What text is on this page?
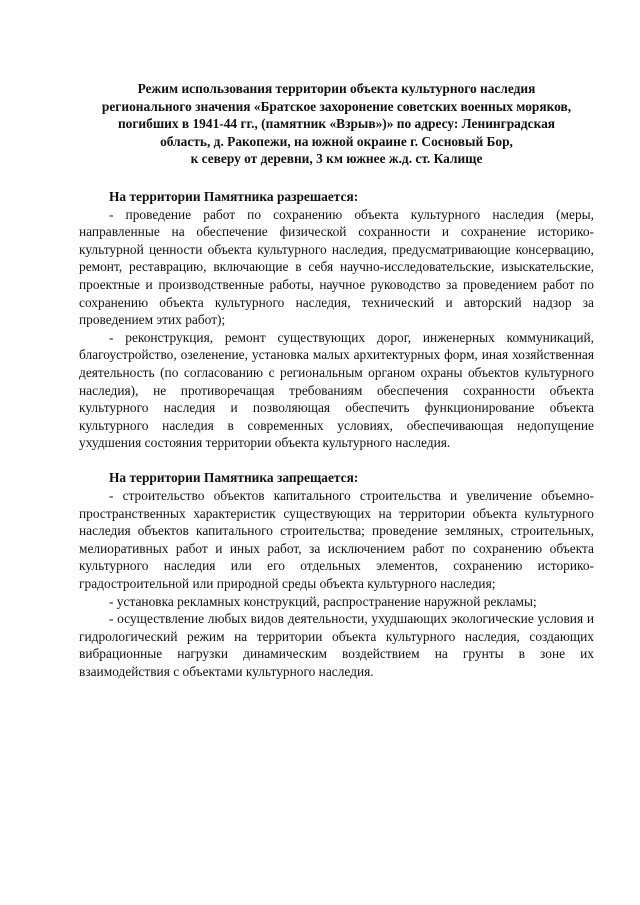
Режим использования территории объекта культурного наследия
регионального значения «Братское захоронение советских военных моряков,
погибших в 1941-44 гг., (памятник «Взрыв»)» по адресу: Ленинградская
область, д. Ракопежи, на южной окраине г. Сосновый Бор,
к северу от деревни, 3 км южнее ж.д. ст. Калище

На территории Памятника разрешается:

- проведение работ по сохранению объекта культурного наследия (меры, направленные на обеспечение физической сохранности и сохранение историко-культурной ценности объекта культурного наследия, предусматривающие консервацию, ремонт, реставрацию, включающие в себя научно-исследовательские, изыскательские, проектные и производственные работы, научное руководство за проведением работ по сохранению объекта культурного наследия, технический и авторский надзор за проведением этих работ);

- реконструкция, ремонт существующих дорог, инженерных коммуникаций, благоустройство, озеленение, установка малых архитектурных форм, иная хозяйственная деятельность (по согласованию с региональным органом охраны объектов культурного наследия), не противоречащая требованиям обеспечения сохранности объекта культурного наследия и позволяющая обеспечить функционирование объекта культурного наследия в современных условиях, обеспечивающая недопущение ухудшения состояния территории объекта культурного наследия.

На территории Памятника запрещается:

- строительство объектов капитального строительства и увеличение объемно-пространственных характеристик существующих на территории объекта культурного наследия объектов капитального строительства; проведение земляных, строительных, мелиоративных работ и иных работ, за исключением работ по сохранению объекта культурного наследия или его отдельных элементов, сохранению историко-градостроительной или природной среды объекта культурного наследия;

- установка рекламных конструкций, распространение наружной рекламы;

- осуществление любых видов деятельности, ухудшающих экологические условия и гидрологический режим на территории объекта культурного наследия, создающих вибрационные нагрузки динамическим воздействием на грунты в зоне их взаимодействия с объектами культурного наследия.
